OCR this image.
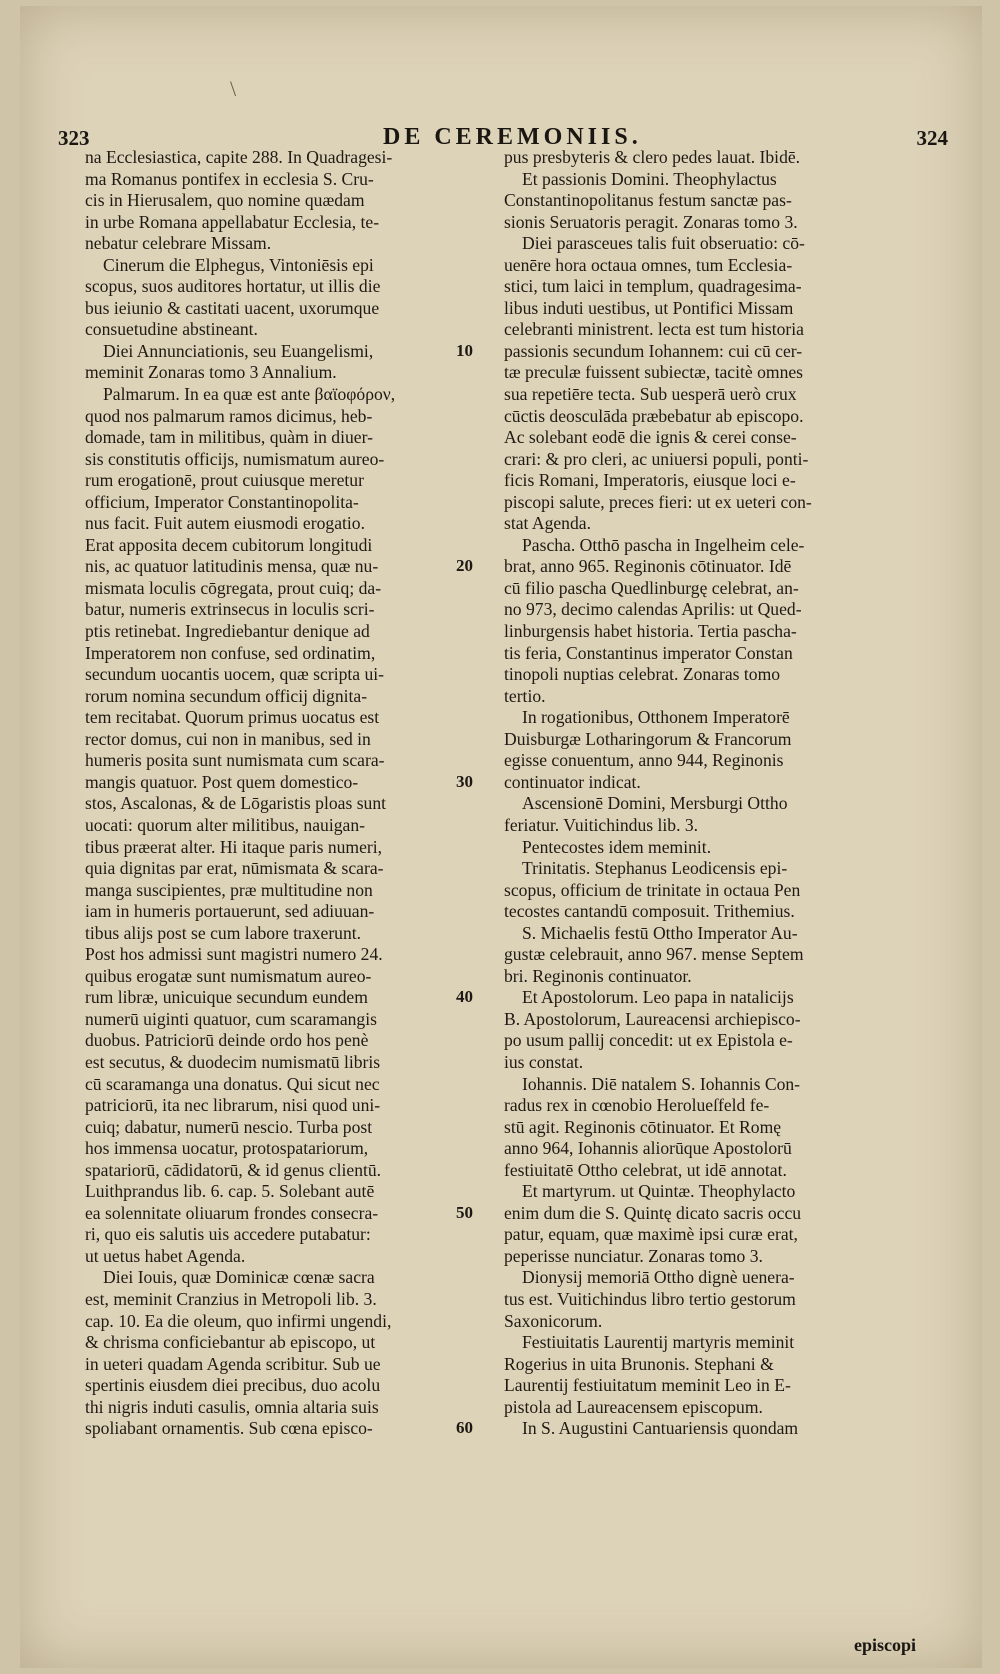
\
323	DE CEREMONIIS.	324
na Ecclesiastica, capite 288. In Quadragesi-
ma Romanus pontifex in ecclesia S. Cru-
cis in Hierusalem, quo nomine quædam
in urbe Romana appellabatur Ecclesia, te-
nebatur celebrare Missam.
Cinerum die Elphegus, Vintoniēsis epi
scopus, suos auditores hortatur, ut illis die
bus ieiunio & castitati uacent, uxorumque
consuetudine abstineant.
Diei Annunciationis, seu Euangelismi,
meminit Zonaras tomo 3 Annalium.
Palmarum. In ea quæ est ante βαϊοφόρον,
quod nos palmarum ramos dicimus, heb-
domade, tam in militibus, quàm in diuer-
sis constitutis officijs, numismatum aureo-
rum erogationē, prout cuiusque meretur
officium, Imperator Constantinopolita-
nus facit. Fuit autem eiusmodi erogatio.
Erat apposita decem cubitorum longitudi
nis, ac quatuor latitudinis mensa, quæ nu-
mismata loculis cōgregata, prout cuiq; da-
batur, numeris extrinsecus in loculis scri-
ptis retinebat. Ingrediebantur denique ad
Imperatorem non confuse, sed ordinatim,
secundum uocantis uocem, quæ scripta ui-
rorum nomina secundum officij dignita-
tem recitabat. Quorum primus uocatus est
rector domus, cui non in manibus, sed in
humeris posita sunt numismata cum scara-
mangis quatuor. Post quem domestico-
stos, Ascalonas, & de Lōgaristis ploas sunt
uocati: quorum alter militibus, nauigan-
tibus præerat alter. Hi itaque paris numeri,
quia dignitas par erat, nūmismata & scara-
manga suscipientes, præ multitudine non
iam in humeris portauerunt, sed adiuuan-
tibus alijs post se cum labore traxerunt.
Post hos admissi sunt magistri numero 24.
quibus erogatæ sunt numismatum aureo-
rum libræ, unicuique secundum eundem
numerū uiginti quatuor, cum scaramangis
duobus. Patriciorū deinde ordo hos penè
est secutus, & duodecim numismatū libris
cū scaramanga una donatus. Qui sicut nec
patriciorū, ita nec librarum, nisi quod uni-
cuiq; dabatur, numerū nescio. Turba post
hos immensa uocatur, protospatariorum,
spatariorū, cādidatorū, & id genus clientū.
Luithprandus lib. 6. cap. 5. Solebant autē
ea solennitate oliuarum frondes consecra-
ri, quo eis salutis uis accedere putabatur:
ut uetus habet Agenda.
Diei Iouis, quæ Dominicæ cœnæ sacra
est, meminit Cranzius in Metropoli lib. 3.
cap. 10. Ea die oleum, quo infirmi ungendi,
& chrisma conficiebantur ab episcopo, ut
in ueteri quadam Agenda scribitur. Sub ue
spertinis eiusdem diei precibus, duo acolu
thi nigris induti casulis, omnia altaria suis
spoliabant ornamentis. Sub cœna episco-
10
20
30
40
50
60
pus presbyteris & clero pedes lauat. Ibidē.
Et passionis Domini. Theophylactus
Constantinopolitanus festum sanctæ pas-
sionis Seruatoris peragit. Zonaras tomo 3.
Diei parasceues talis fuit obseruatio: cō-
uenēre hora octaua omnes, tum Ecclesia-
stici, tum laici in templum, quadragesima-
libus induti uestibus, ut Pontifici Missam
celebranti ministrent. lecta est tum historia
passionis secundum Iohannem: cui cū cer-
tæ preculæ fuissent subiectæ, tacitè omnes
sua repetiēre tecta. Sub uesperā uerò crux
cūctis deosculāda præbebatur ab episcopo.
Ac solebant eodē die ignis & cerei conse-
crari: & pro cleri, ac uniuersi populi, ponti-
ficis Romani, Imperatoris, eiusque loci e-
piscopi salute, preces fieri: ut ex ueteri con-
stat Agenda.
Pascha. Otthō pascha in Ingelheim cele-
brat, anno 965. Reginonis cōtinuator. Idē
cū filio pascha Quedlinburgę celebrat, an-
no 973, decimo calendas Aprilis: ut Qued-
linburgensis habet historia. Tertia pascha-
tis feria, Constantinus imperator Constan
tinopoli nuptias celebrat. Zonaras tomo
tertio.
In rogationibus, Otthonem Imperatorē
Duisburgæ Lotharingorum & Francorum
egisse conuentum, anno 944, Reginonis
continuator indicat.
Ascensionē Domini, Mersburgi Ottho
feriatur. Vuitichindus lib. 3.
Pentecostes idem meminit.
Trinitatis. Stephanus Leodicensis epi-
scopus, officium de trinitate in octaua Pen
tecostes cantandū composuit. Trithemius.
S. Michaelis festū Ottho Imperator Au-
gustæ celebrauit, anno 967. mense Septem
bri. Reginonis continuator.
Et Apostolorum. Leo papa in natalicijs
B. Apostolorum, Laureacensi archiepisco-
po usum pallij concedit: ut ex Epistola e-
ius constat.
Iohannis. Diē natalem S. Iohannis Con-
radus rex in cœnobio Herolueſfeld fe-
stū agit. Reginonis cōtinuator. Et Romę
anno 964, Iohannis aliorūque Apostolorū
festiuitatē Ottho celebrat, ut idē annotat.
Et martyrum. ut Quintæ. Theophylacto
enim dum die S. Quintę dicato sacris occu
patur, equam, quæ maximè ipsi curæ erat,
peperisse nunciatur. Zonaras tomo 3.
Dionysij memoriā Ottho dignè uenera-
tus est. Vuitichindus libro tertio gestorum
Saxonicorum.
Festiuitatis Laurentij martyris meminit
Rogerius in uita Brunonis. Stephani &
Laurentij festiuitatum meminit Leo in E-
pistola ad Laureacensem episcopum.
In S. Augustini Cantuariensis quondam
episcopi
